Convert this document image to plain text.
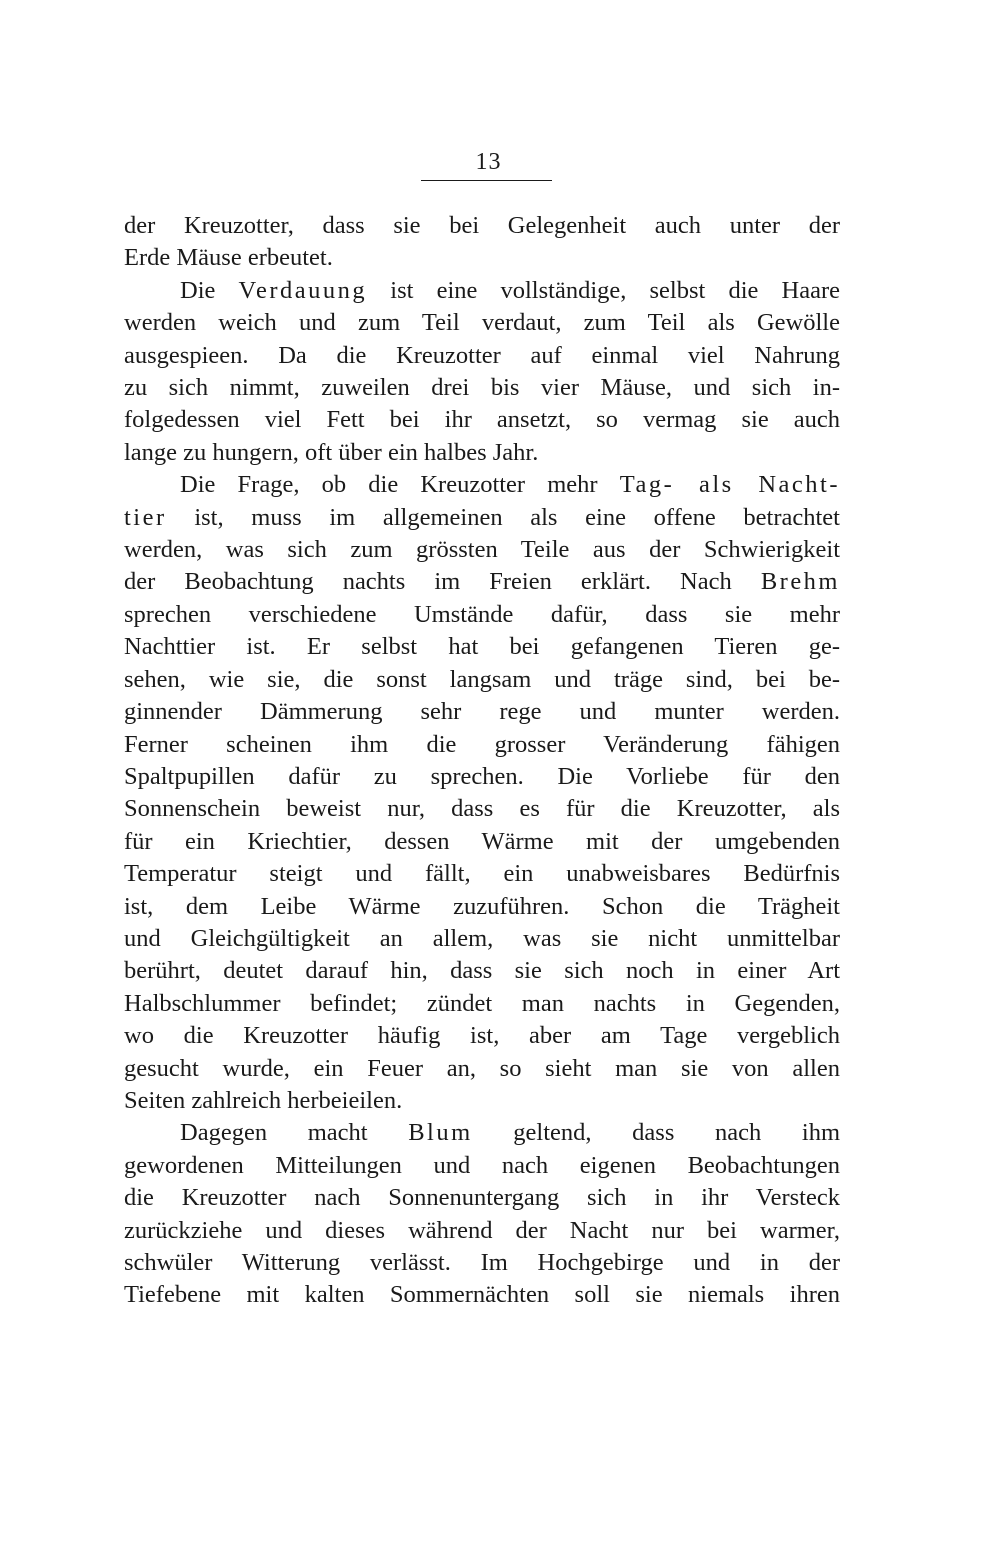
13
der Kreuzotter, dass sie bei Gelegenheit auch unter der
Erde Mäuse erbeutet.
Die Verdauung ist eine vollständige, selbst die Haare
werden weich und zum Teil verdaut, zum Teil als Gewölle
ausgespieen. Da die Kreuzotter auf einmal viel Nahrung
zu sich nimmt, zuweilen drei bis vier Mäuse, und sich in-
folgedessen viel Fett bei ihr ansetzt, so vermag sie auch
lange zu hungern, oft über ein halbes Jahr.
Die Frage, ob die Kreuzotter mehr Tag- als Nacht-
tier ist, muss im allgemeinen als eine offene betrachtet
werden, was sich zum grössten Teile aus der Schwierigkeit
der Beobachtung nachts im Freien erklärt. Nach Brehm
sprechen verschiedene Umstände dafür, dass sie mehr
Nachttier ist. Er selbst hat bei gefangenen Tieren ge-
sehen, wie sie, die sonst langsam und träge sind, bei be-
ginnender Dämmerung sehr rege und munter werden.
Ferner scheinen ihm die grosser Veränderung fähigen
Spaltpupillen dafür zu sprechen. Die Vorliebe für den
Sonnenschein beweist nur, dass es für die Kreuzotter, als
für ein Kriechtier, dessen Wärme mit der umgebenden
Temperatur steigt und fällt, ein unabweisbares Bedürfnis
ist, dem Leibe Wärme zuzuführen. Schon die Trägheit
und Gleichgültigkeit an allem, was sie nicht unmittelbar
berührt, deutet darauf hin, dass sie sich noch in einer Art
Halbschlummer befindet; zündet man nachts in Gegenden,
wo die Kreuzotter häufig ist, aber am Tage vergeblich
gesucht wurde, ein Feuer an, so sieht man sie von allen
Seiten zahlreich herbeieilen.
Dagegen macht Blum geltend, dass nach ihm
gewordenen Mitteilungen und nach eigenen Beobachtungen
die Kreuzotter nach Sonnenuntergang sich in ihr Versteck
zurückziehe und dieses während der Nacht nur bei warmer,
schwüler Witterung verlässt. Im Hochgebirge und in der
Tiefebene mit kalten Sommernächten soll sie niemals ihren
